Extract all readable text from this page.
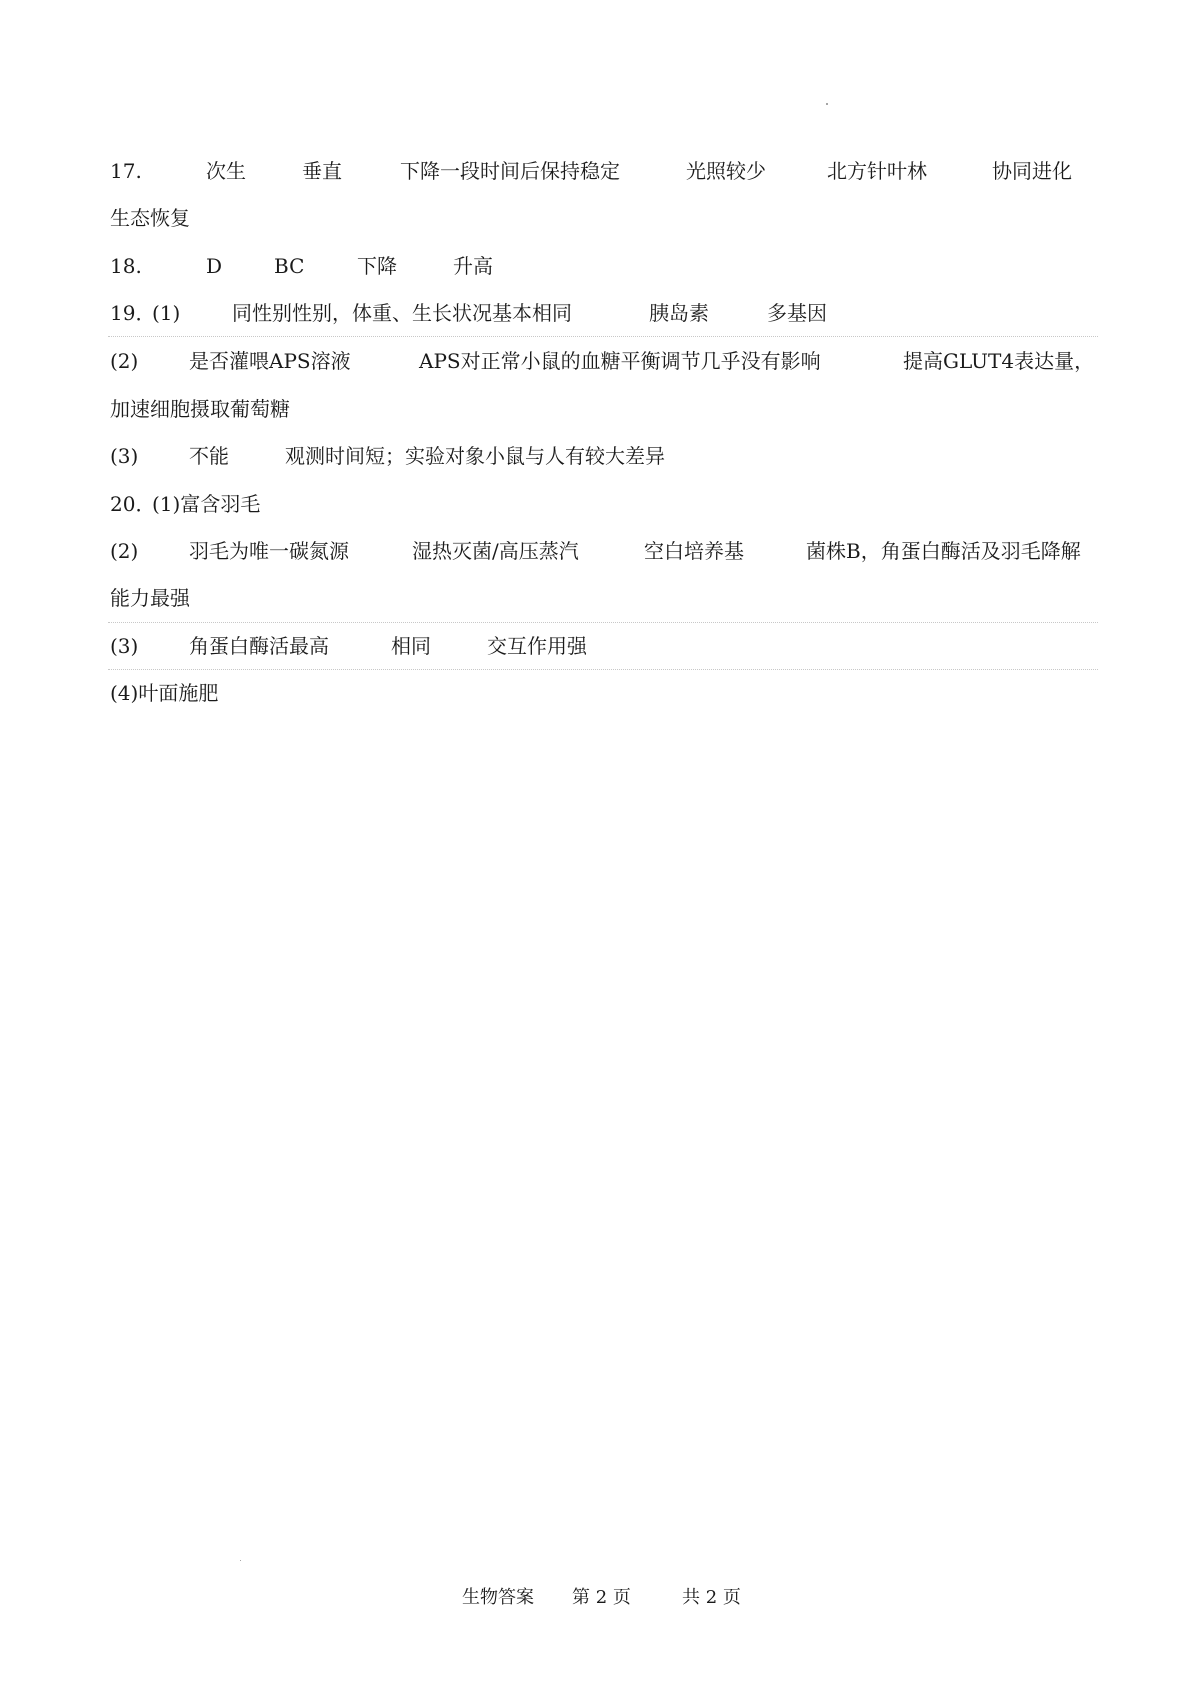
17.	次生	垂直	下降一段时间后保持稳定	光照较少	北方针叶林	协同进化
生态恢复
18.	D	BC	下降	升高
19．
(1)	同性别性别，体重、生长状况基本相同	胰岛素	多基因
(2)	是否灌喂APS溶液	APS对正常小鼠的血糖平衡调节几乎没有影响	提高GLUT4表达量，
加速细胞摄取葡萄糖
(3)	不能	观测时间短；实验对象小鼠与人有较大差异
20．
(1)富含羽毛
(2)	羽毛为唯一碳氮源	湿热灭菌/高压蒸汽	空白培养基	菌株B，角蛋白酶活及羽毛降解
能力最强
(3)	角蛋白酶活最高	相同	交互作用强
(4)叶面施肥
生物答案 第 2 页	共 2 页
